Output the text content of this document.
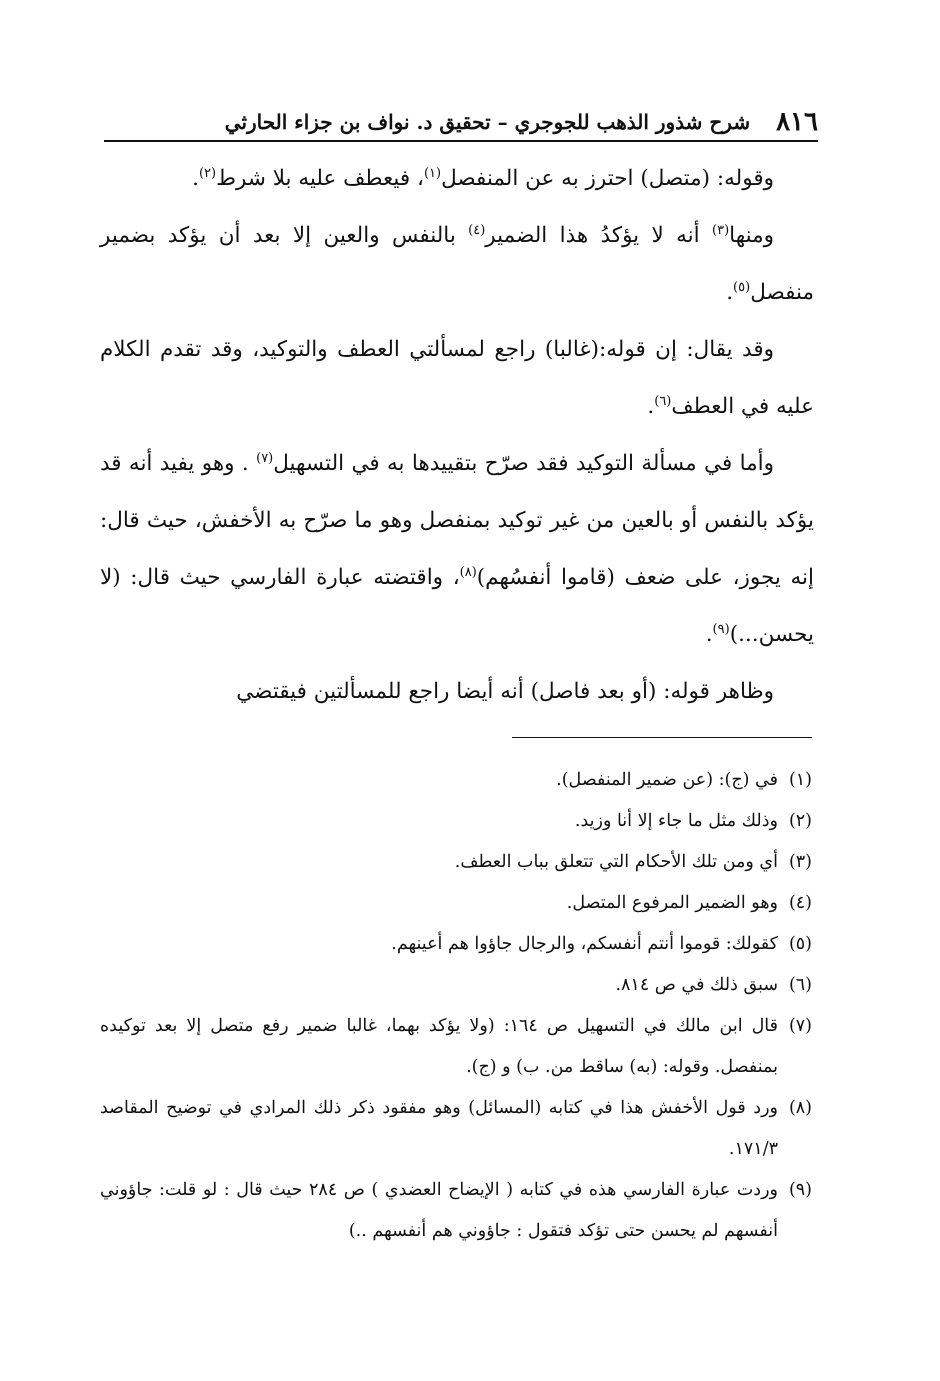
٨١٦
شرح شذور الذهب للجوجري – تحقيق د. نواف بن جزاء الحارثي

وقوله: (متصل) احترز به عن المنفصل$^{(١)}$، فيعطف عليه بلا شرط$^{(٢)}$.

ومنها$^{(٣)}$ أنه لا يؤكدُ هذا الضمير$^{(٤)}$ بالنفس والعين إلا بعد أن يؤكد بضمير منفصل$^{(٥)}$.

وقد يقال: إن قوله:(غالبا) راجع لمسألتي العطف والتوكيد، وقد تقدم الكلام عليه في العطف$^{(٦)}$.

وأما في مسألة التوكيد فقد صرّح بتقييدها به في التسهيل$^{(٧)}$ . وهو يفيد أنه قد يؤكد بالنفس أو بالعين من غير توكيد بمنفصل وهو ما صرّح به الأخفش، حيث قال: إنه يجوز، على ضعف (قاموا أنفسُهم)$^{(٨)}$، واقتضته عبارة الفارسي حيث قال: (لا يحسن...)$^{(٩)}$.

وظاهر قوله: (أو بعد فاصل) أنه أيضا راجع للمسألتين فيقتضي

(١)في (ج): (عن ضمير المنفصل).

(٢)وذلك مثل ما جاء إلا أنا وزيد.

(٣)أي ومن تلك الأحكام التي تتعلق بباب العطف.

(٤)وهو الضمير المرفوع المتصل.

(٥)كقولك: قوموا أنتم أنفسكم، والرجال جاؤوا هم أعينهم.

(٦)سبق ذلك في ص ٨١٤.

(٧)قال ابن مالك في التسهيل ص ١٦٤: (ولا يؤكد بهما، غالبا ضمير رفع متصل إلا بعد توكيده بمنفصل. وقوله: (به) ساقط من. ب) و (ج).

(٨)ورد قول الأخفش هذا في كتابه (المسائل) وهو مفقود ذكر ذلك المرادي في توضيح المقاصد ١٧١/٣.

(٩)وردت عبارة الفارسي هذه في كتابه ( الإيضاح العضدي ) ص ٢٨٤ حيث قال : لو قلت: جاؤوني أنفسهم لم يحسن حتى تؤكد فتقول : جاؤوني هم أنفسهم ..)
